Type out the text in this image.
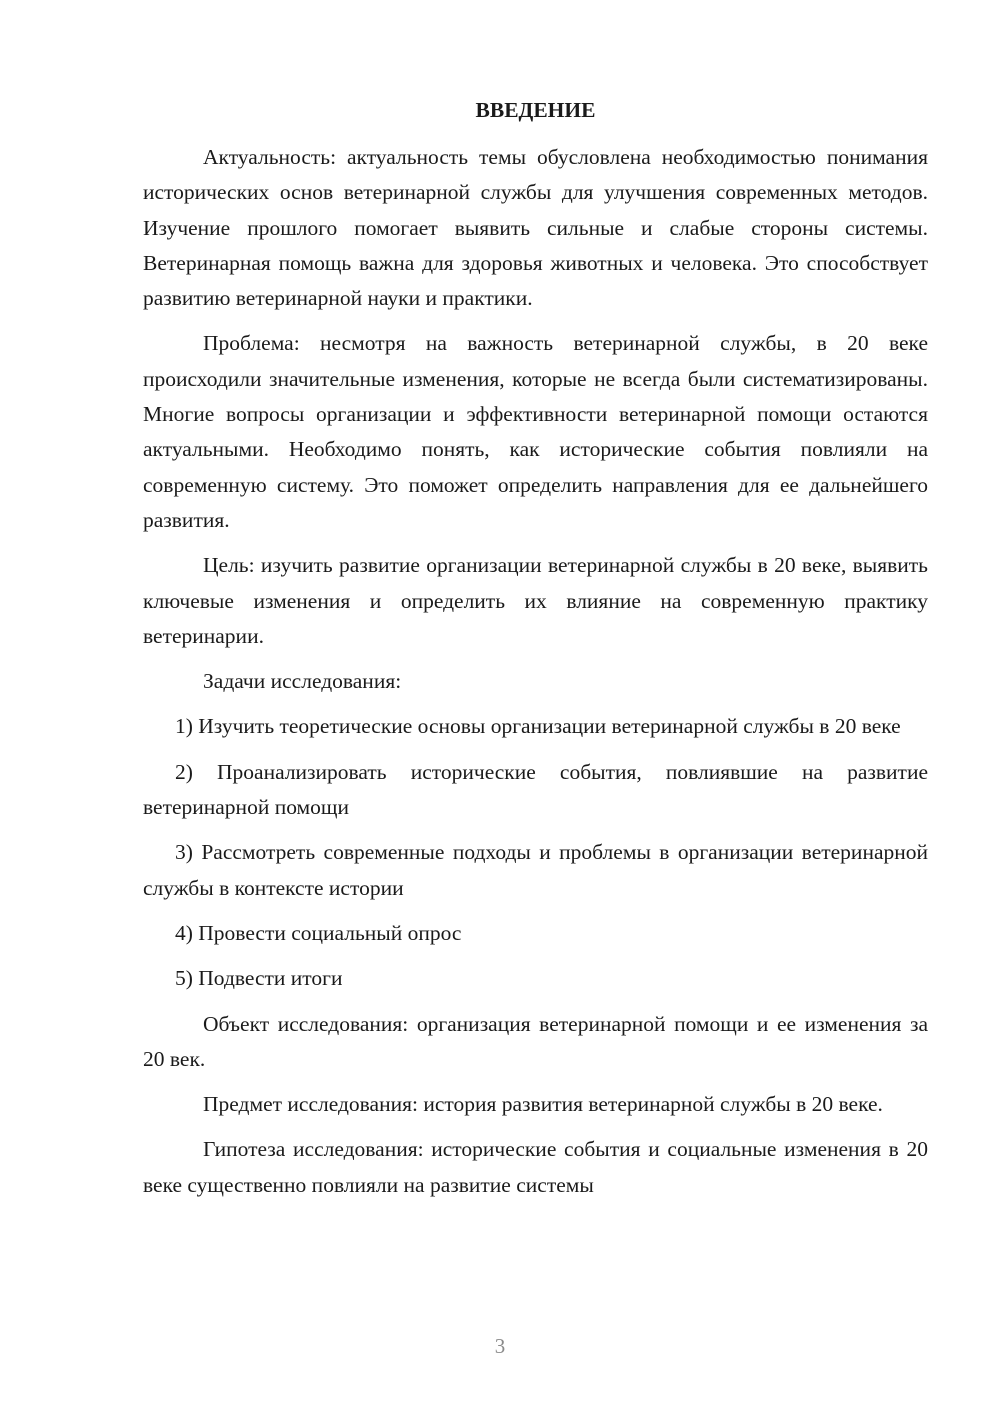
ВВЕДЕНИЕ

Актуальность: актуальность темы обусловлена необходимостью понимания исторических основ ветеринарной службы для улучшения современных методов. Изучение прошлого помогает выявить сильные и слабые стороны системы. Ветеринарная помощь важна для здоровья животных и человека. Это способствует развитию ветеринарной науки и практики.

Проблема: несмотря на важность ветеринарной службы, в 20 веке происходили значительные изменения, которые не всегда были систематизированы. Многие вопросы организации и эффективности ветеринарной помощи остаются актуальными. Необходимо понять, как исторические события повлияли на современную систему. Это поможет определить направления для ее дальнейшего развития.

Цель: изучить развитие организации ветеринарной службы в 20 веке, выявить ключевые изменения и определить их влияние на современную практику ветеринарии.

Задачи исследования:

1) Изучить теоретические основы организации ветеринарной службы в 20 веке

2) Проанализировать исторические события, повлиявшие на развитие ветеринарной помощи

3) Рассмотреть современные подходы и проблемы в организации ветеринарной службы в контексте истории

4) Провести социальный опрос

5) Подвести итоги

Объект исследования: организация ветеринарной помощи и ее изменения за 20 век.

Предмет исследования: история развития ветеринарной службы в 20 веке.

Гипотеза исследования: исторические события и социальные изменения в 20 веке существенно повлияли на развитие системы

3
